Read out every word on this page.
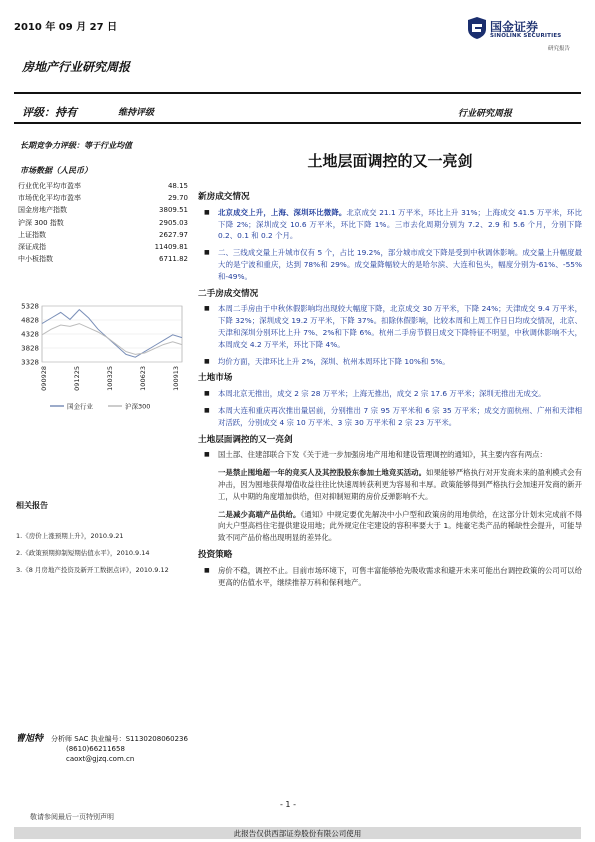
2010 年 09 月 27 日	国金证券
SINOLINK SECURITIES
研究报告
房地产行业研究周报
评级：持有	维持评级	行业研究周报
长期竞争力评级：等于行业均值
市场数据（人民币）
行业优化平均市盈率	48.15
市场优化平均市盈率	29.70
国金房地产指数	3809.51
沪深 300 指数	2905.03
上证指数	2627.97
深证成指	11409.81
中小板指数	6711.82
5328
4828
4328
3828
3328
090928	091225	100325	100623	100913
国金行业	沪深300
相关报告
1.《房价上涨预期上升》，2010.9.21
2.《政策预期抑制短期估值水平》，2010.9.14
3.《8 月房地产投资及新开工数据点评》，2010.9.12
曹旭特 分析师 SAC 执业编号：S1130208060236
(8610)66211658
caoxt@gjzq.com.cn
土地层面调控的又一亮剑
新房成交情况
■ 北京成交上升，上海、深圳环比微降。北京成交 21.1 万平米，环比上升 31%；上海成交 41.5 万平米，环比下降 2%；深圳成交 10.6 万平米，环比下降 1%。三市去化周期分别为 7.2、2.9 和 5.6 个月，分别下降 0.2、0.1 和 0.2 个月。
■ 二、三线成交量上升城市仅有 5 个，占比 19.2%，部分城市成交下降是受到中秋调休影响。成交量上升幅度最大的是宁波和重庆，达到 78%和 29%。成交量降幅较大的是哈尔滨、大连和包头，幅度分别为-61%、-55%和-49%。
二手房成交情况
■ 本周二手房由于中秋休假影响均出现较大幅度下降，北京成交 30 万平米，下降 24%；天津成交 9.4 万平米，下降 32%；深圳成交 19.2 万平米，下降 37%。扣除休假影响，比较本周和上周工作日日均成交情况，北京、天津和深圳分别环比上升 7%、2%和下降 6%。杭州二手房节假日成交下降特征不明显，中秋调休影响不大，本周成交 4.2 万平米，环比下降 4%。
■ 均价方面，天津环比上升 2%，深圳、杭州本周环比下降 10%和 5%。
土地市场
■ 本周北京无推出，成交 2 宗 28 万平米；上海无推出，成交 2 宗 17.6 万平米；深圳无推出无成交。
■ 本周大连和重庆再次推出量居前，分别推出 7 宗 95 万平米和 6 宗 35 万平米；成交方面杭州、广州和天津相对活跃，分别成交 4 宗 10 万平米、3 宗 30 万平米和 2 宗 23 万平米。
土地层面调控的又一亮剑
■ 国土部、住建部联合下发《关于进一步加强房地产用地和建设管理调控的通知》，其主要内容有两点：
一是禁止囤地超一年的竞买人及其控股股东参加土地竞买活动。如果能够严格执行对开发商未来的盈利模式会有冲击，因为囤地获得增值收益往往比快速周转获利更为容易和丰厚。政策能够得到严格执行会加速开发商的新开工，从中期的角度增加供给，但对抑制短期的房价反弹影响不大。
二是减少高端产品供给。《通知》中规定要优先解决中小户型和政策房的用地供给，在这部分计划未完成前不得向大户型高档住宅提供建设用地；此外规定住宅建设的容积率要大于 1。纯豪宅类产品的稀缺性会提升，可能导致不同产品价格出现明显的差异化。
投资策略
■ 房价不稳，调控不止。目前市场环境下，可售丰富能够抢先吸收需求和避开未来可能出台调控政策的公司可以给更高的估值水平，继续推荐万科和保利地产。
- 1 -
敬请参阅最后一页特别声明
此报告仅供西部证券股份有限公司使用
